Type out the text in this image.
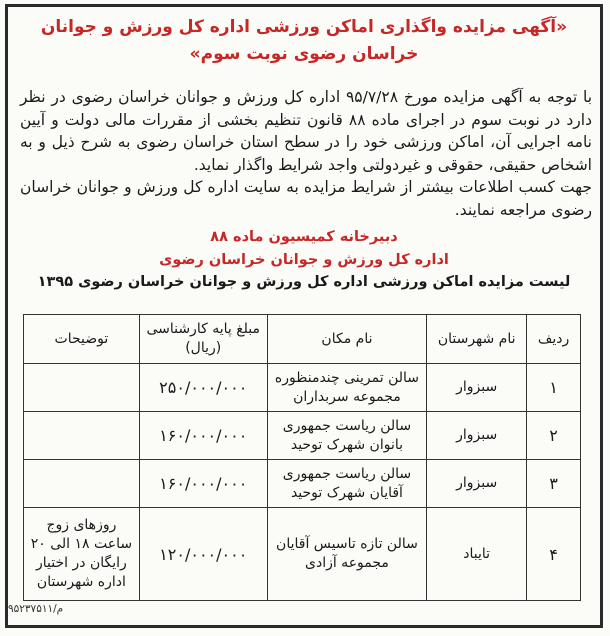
«آگهی مزایده واگذاری اماکن ورزشی اداره کل ورزش و جوانان
خراسان رضوی نوبت سوم»

با توجه به آگهی مزایده مورخ ۹۵/۷/۲۸ اداره کل ورزش و جوانان خراسان رضوی در نظر دارد در نوبت سوم در اجرای ماده ۸۸ قانون تنظیم بخشی از مقررات مالی دولت و آیین نامه اجرایی آن، اماکن ورزشی خود را در سطح استان خراسان رضوی به شرح ذیل و به اشخاص حقیقی، حقوقی و غیردولتی واجد شرایط واگذار نماید.

جهت کسب اطلاعات بیشتر از شرایط مزایده به سایت اداره کل ورزش و جوانان خراسان رضوی مراجعه نمایند.

دبیرخانه کمیسیون ماده ۸۸
اداره کل ورزش و جوانان خراسان رضوی
لیست مزایده اماکن ورزشی اداره کل ورزش و جوانان خراسان رضوی ۱۳۹۵
ردیف	نام شهرستان	نام مکان	مبلغ پایه کارشناسی (ریال)	توضیحات
۱	سبزوار	سالن تمرینی چندمنظوره مجموعه سربداران	۲۵۰/۰۰۰/۰۰۰	
۲	سبزوار	سالن ریاست جمهوری بانوان شهرک توحید	۱۶۰/۰۰۰/۰۰۰	
۳	سبزوار	سالن ریاست جمهوری آقایان شهرک توحید	۱۶۰/۰۰۰/۰۰۰	
۴	تایباد	سالن تازه تاسیس آقایان مجموعه آزادی	۱۲۰/۰۰۰/۰۰۰	روزهای زوج ساعت ۱۸ الی ۲۰ رایگان در اختیار اداره شهرستان
م/۹۵۲۳۷۵۱۱
